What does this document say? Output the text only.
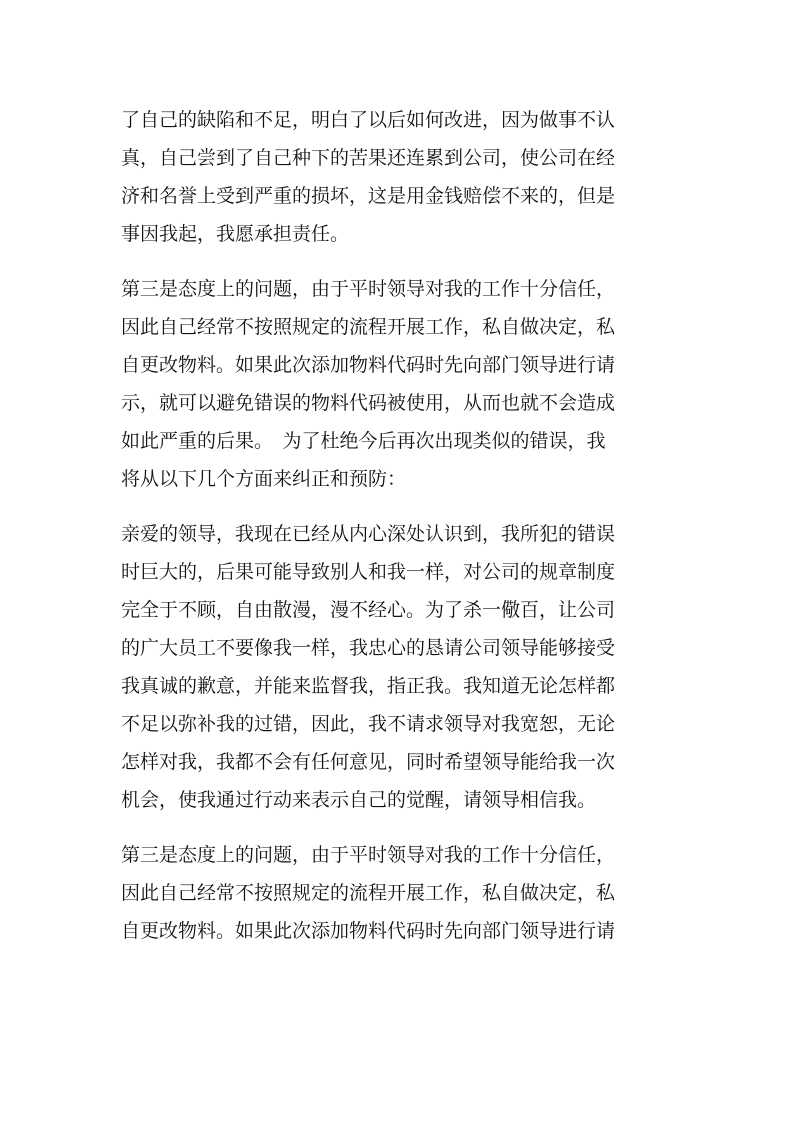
了自己的缺陷和不足，明白了以后如何改进，因为做事不认
真，自己尝到了自己种下的苦果还连累到公司，使公司在经
济和名誉上受到严重的损坏，这是用金钱赔偿不来的，但是
事因我起，我愿承担责任。

第三是态度上的问题，由于平时领导对我的工作十分信任，
因此自己经常不按照规定的流程开展工作，私自做决定，私
自更改物料。如果此次添加物料代码时先向部门领导进行请
示，就可以避免错误的物料代码被使用，从而也就不会造成
如此严重的后果。　为了杜绝今后再次出现类似的错误，我
将从以下几个方面来纠正和预防：

亲爱的领导，我现在已经从内心深处认识到，我所犯的错误
时巨大的，后果可能导致别人和我一样，对公司的规章制度
完全于不顾，自由散漫，漫不经心。为了杀一儆百，让公司
的广大员工不要像我一样，我忠心的恳请公司领导能够接受
我真诚的歉意，并能来监督我，指正我。我知道无论怎样都
不足以弥补我的过错，因此，我不请求领导对我宽恕，无论
怎样对我，我都不会有任何意见，同时希望领导能给我一次
机会，使我通过行动来表示自己的觉醒，请领导相信我。

第三是态度上的问题，由于平时领导对我的工作十分信任，
因此自己经常不按照规定的流程开展工作，私自做决定，私
自更改物料。如果此次添加物料代码时先向部门领导进行请
